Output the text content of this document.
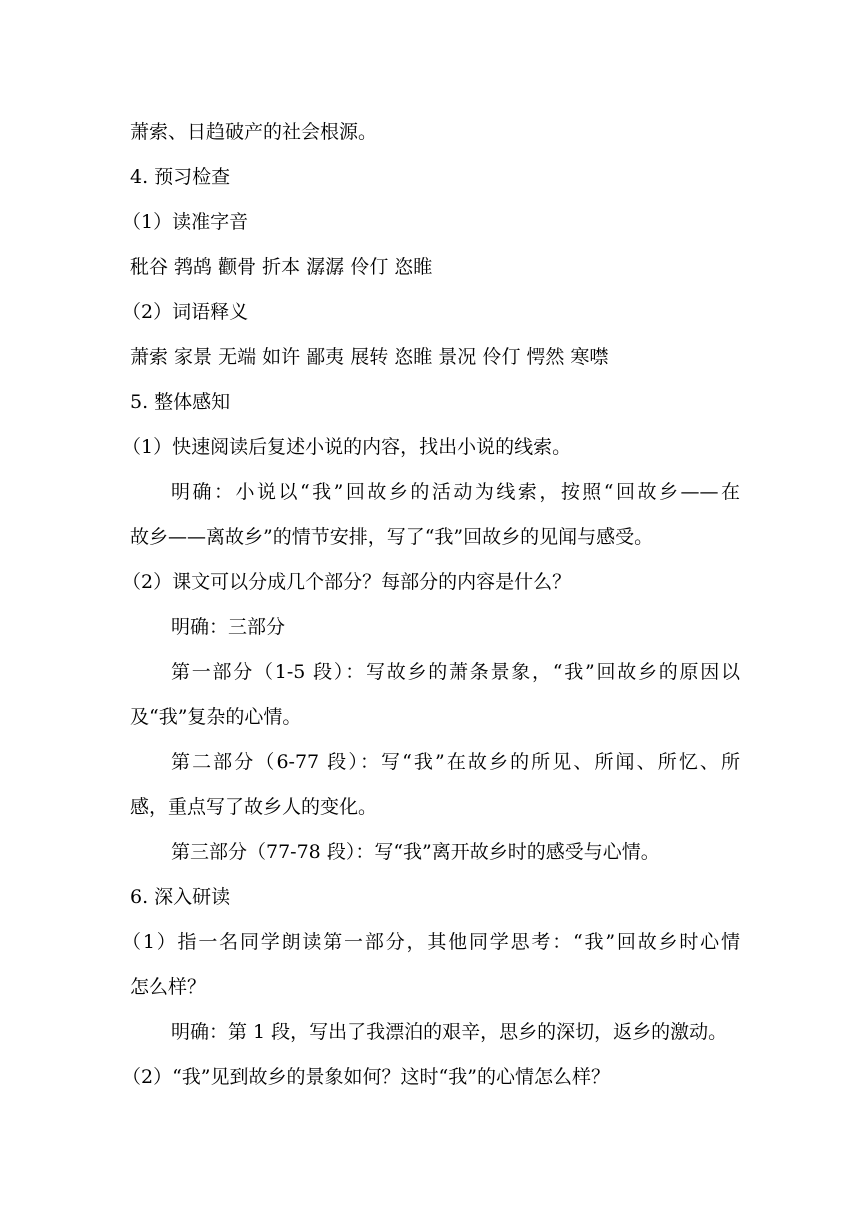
萧索、日趋破产的社会根源。
4. 预习检查
（1）读准字音
秕谷 鹁鸪 颧骨 折本 潺潺 伶仃 恣睢
（2）词语释义
萧索 家景 无端 如许 鄙夷 展转 恣睢 景况 伶仃 愕然 寒噤
5. 整体感知
（1）快速阅读后复述小说的内容，找出小说的线索。
明确：小说以“我”回故乡的活动为线索，按照“回故乡——在
故乡——离故乡”的情节安排，写了“我”回故乡的见闻与感受。
（2）课文可以分成几个部分？每部分的内容是什么？
明确：三部分
第一部分（1-5 段）：写故乡的萧条景象，“我”回故乡的原因以
及“我”复杂的心情。
第二部分（6-77 段）：写“我”在故乡的所见、所闻、所忆、所
感，重点写了故乡人的变化。
第三部分（77-78 段）：写“我”离开故乡时的感受与心情。
6. 深入研读
（1）指一名同学朗读第一部分，其他同学思考：“我”回故乡时心情
怎么样？
明确：第 1 段，写出了我漂泊的艰辛，思乡的深切，返乡的激动。
（2）“我”见到故乡的景象如何？这时“我”的心情怎么样？
